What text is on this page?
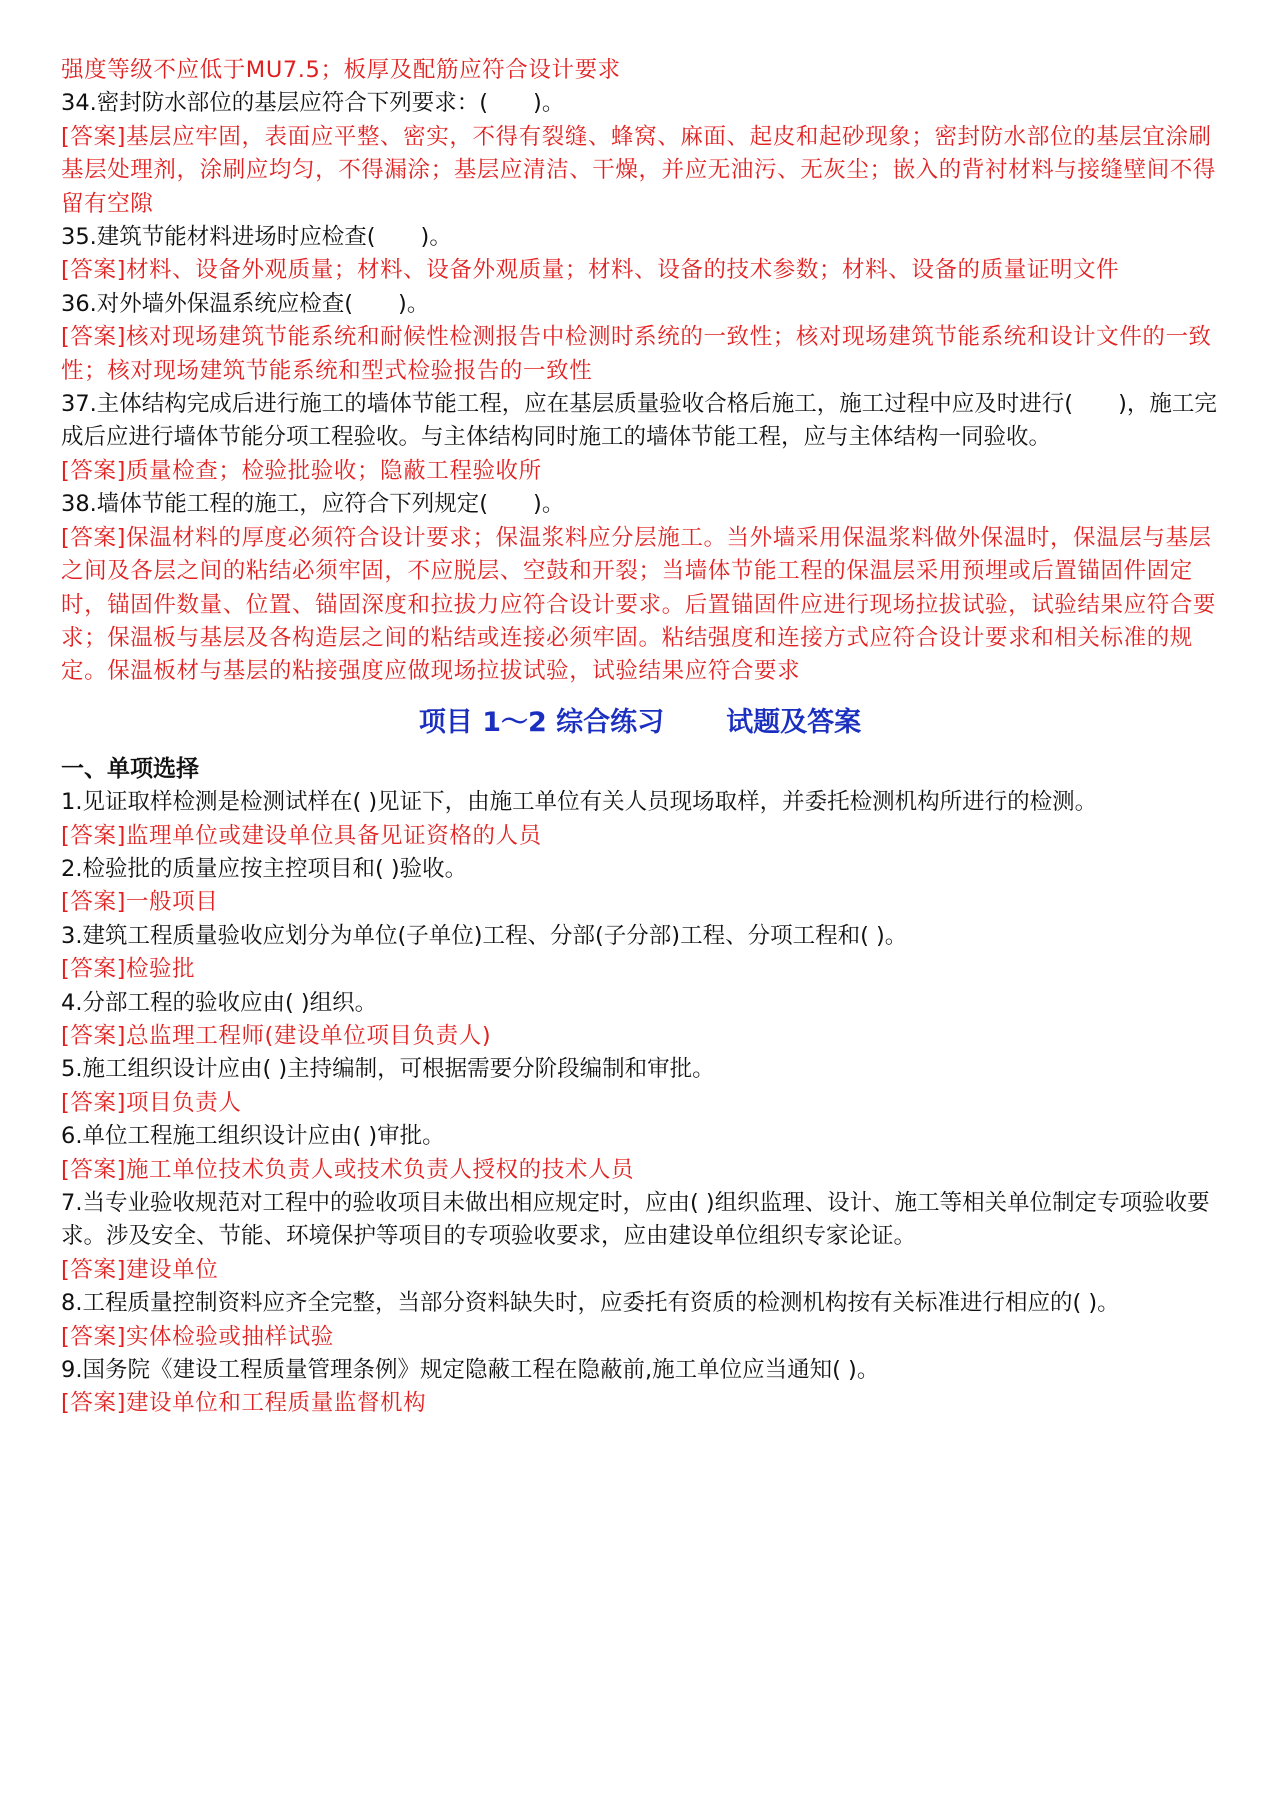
强度等级不应低于MU7.5；板厚及配筋应符合设计要求

34.密封防水部位的基层应符合下列要求：(　　)。

[答案]基层应牢固，表面应平整、密实，不得有裂缝、蜂窝、麻面、起皮和起砂现象；密封防水部位的基层宜涂刷基层处理剂，涂刷应均匀，不得漏涂；基层应清洁、干燥，并应无油污、无灰尘；嵌入的背衬材料与接缝壁间不得留有空隙

35.建筑节能材料进场时应检查(　　)。

[答案]材料、设备外观质量；材料、设备外观质量；材料、设备的技术参数；材料、设备的质量证明文件

36.对外墙外保温系统应检查(　　)。

[答案]核对现场建筑节能系统和耐候性检测报告中检测时系统的一致性；核对现场建筑节能系统和设计文件的一致性；核对现场建筑节能系统和型式检验报告的一致性

37.主体结构完成后进行施工的墙体节能工程，应在基层质量验收合格后施工，施工过程中应及时进行(　　)，施工完成后应进行墙体节能分项工程验收。与主体结构同时施工的墙体节能工程，应与主体结构一同验收。

[答案]质量检查；检验批验收；隐蔽工程验收所

38.墙体节能工程的施工，应符合下列规定(　　)。

[答案]保温材料的厚度必须符合设计要求；保温浆料应分层施工。当外墙采用保温浆料做外保温时，保温层与基层之间及各层之间的粘结必须牢固，不应脱层、空鼓和开裂；当墙体节能工程的保温层采用预埋或后置锚固件固定时，锚固件数量、位置、锚固深度和拉拔力应符合设计要求。后置锚固件应进行现场拉拔试验，试验结果应符合要求；保温板与基层及各构造层之间的粘结或连接必须牢固。粘结强度和连接方式应符合设计要求和相关标准的规定。保温板材与基层的粘接强度应做现场拉拔试验，试验结果应符合要求

项目 1～2 综合练习 试题及答案

一、单项选择

1.见证取样检测是检测试样在( )见证下，由施工单位有关人员现场取样，并委托检测机构所进行的检测。

[答案]监理单位或建设单位具备见证资格的人员

2.检验批的质量应按主控项目和( )验收。

[答案]一般项目

3.建筑工程质量验收应划分为单位(子单位)工程、分部(子分部)工程、分项工程和( )。

[答案]检验批

4.分部工程的验收应由( )组织。

[答案]总监理工程师(建设单位项目负责人)

5.施工组织设计应由( )主持编制，可根据需要分阶段编制和审批。

[答案]项目负责人

6.单位工程施工组织设计应由( )审批。

[答案]施工单位技术负责人或技术负责人授权的技术人员

7.当专业验收规范对工程中的验收项目未做出相应规定时，应由( )组织监理、设计、施工等相关单位制定专项验收要求。涉及安全、节能、环境保护等项目的专项验收要求，应由建设单位组织专家论证。

[答案]建设单位

8.工程质量控制资料应齐全完整，当部分资料缺失时，应委托有资质的检测机构按有关标准进行相应的( )。

[答案]实体检验或抽样试验

9.国务院《建设工程质量管理条例》规定隐蔽工程在隐蔽前,施工单位应当通知( )。

[答案]建设单位和工程质量监督机构
